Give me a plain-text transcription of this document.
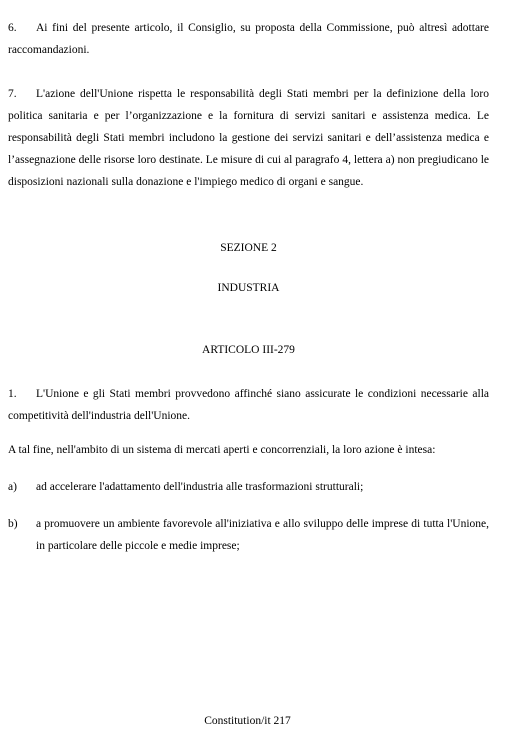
6. Ai fini del presente articolo, il Consiglio, su proposta della Commissione, può altresì adottare raccomandazioni.

7. L'azione dell'Unione rispetta le responsabilità degli Stati membri per la definizione della loro politica sanitaria e per l’organizzazione e la fornitura di servizi sanitari e assistenza medica. Le responsabilità degli Stati membri includono la gestione dei servizi sanitari e dell’assistenza medica e l’assegnazione delle risorse loro destinate. Le misure di cui al paragrafo 4, lettera a) non pregiudicano le disposizioni nazionali sulla donazione e l'impiego medico di organi e sangue.

SEZIONE 2

INDUSTRIA

ARTICOLO III-279

1. L'Unione e gli Stati membri provvedono affinché siano assicurate le condizioni necessarie alla competitività dell'industria dell'Unione.

A tal fine, nell'ambito di un sistema di mercati aperti e concorrenziali, la loro azione è intesa:

a)	ad accelerare l'adattamento dell'industria alle trasformazioni strutturali;
b)	a promuovere un ambiente favorevole all'iniziativa e allo sviluppo delle imprese di tutta l'Unione, in particolare delle piccole e medie imprese;
Constitution/it 217
